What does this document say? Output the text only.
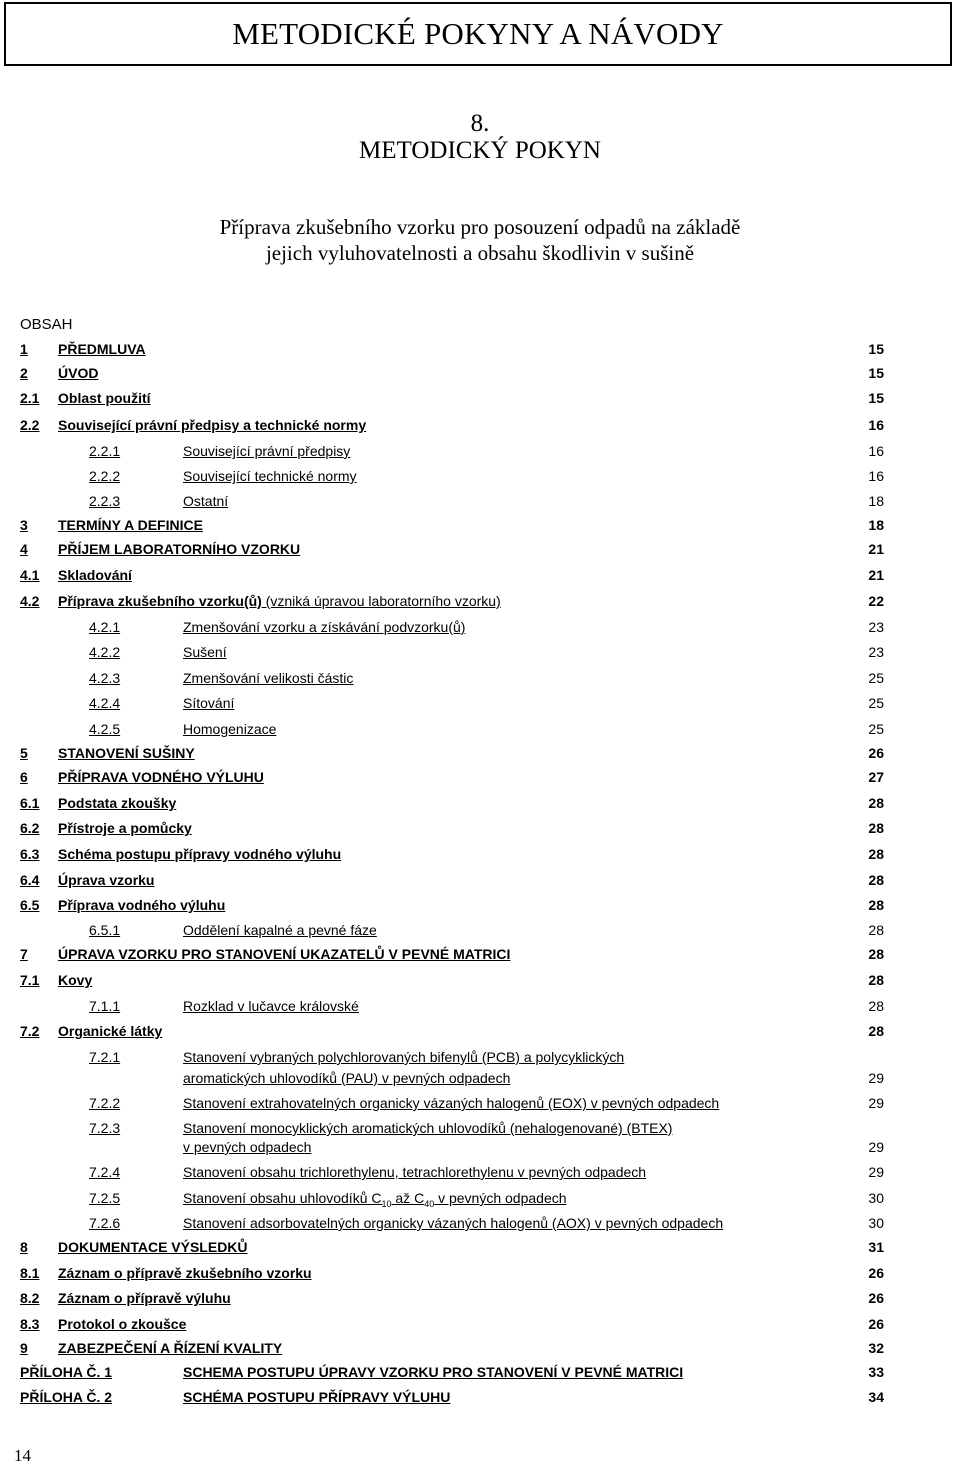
METODICKÉ POKYNY A NÁVODY
8.
METODICKÝ POKYN
Příprava zkušebního vzorku pro posouzení odpadů na základě
jejich vyluhovatelnosti a obsahu škodlivin v sušině
OBSAH
1 PŘEDMLUVA	15
2 ÚVOD	15
2.1 Oblast použití	15
2.2 Související právní předpisy a technické normy	16
2.2.1	Související právní předpisy	16
2.2.2	Související technické normy	16
2.2.3	Ostatní	18
3 TERMÍNY A DEFINICE	18
4 PŘÍJEM LABORATORNÍHO VZORKU	21
4.1 Skladování	21
4.2 Příprava zkušebního vzorku(ů) (vzniká úpravou laboratorního vzorku)	22
4.2.1	Zmenšování vzorku a získávání podvzorku(ů)	23
4.2.2	Sušení	23
4.2.3	Zmenšování velikosti částic	25
4.2.4	Sítování	25
4.2.5	Homogenizace	25
5 STANOVENÍ SUŠINY	26
6 PŘÍPRAVA VODNÉHO VÝLUHU	27
6.1 Podstata zkoušky	28
6.2 Přístroje a pomůcky	28
6.3 Schéma postupu přípravy vodného výluhu	28
6.4 Úprava vzorku	28
6.5 Příprava vodného výluhu	28
6.5.1	Oddělení kapalné a pevné fáze	28
7 ÚPRAVA VZORKU PRO STANOVENÍ UKAZATELŮ V PEVNÉ MATRICI	28
7.1 Kovy	28
7.1.1	Rozklad v lučavce královské	28
7.2 Organické látky	28
7.2.1	Stanovení vybraných polychlorovaných bifenylů (PCB) a polycyklických
aromatických uhlovodíků (PAU) v pevných odpadech	29
7.2.2	Stanovení extrahovatelných organicky vázaných halogenů (EOX) v pevných odpadech	29
7.2.3	Stanovení monocyklických aromatických uhlovodíků (nehalogenované) (BTEX)
v pevných odpadech	29
7.2.4	Stanovení obsahu trichlorethylenu, tetrachlorethylenu v pevných odpadech	29
7.2.5	Stanovení obsahu uhlovodíků $C_{10}$ až $C_{40}$ v pevných odpadech	30
7.2.6	Stanovení adsorbovatelných organicky vázaných halogenů (AOX) v pevných odpadech	30
8 DOKUMENTACE VÝSLEDKŮ	31
8.1 Záznam o přípravě zkušebního vzorku	26
8.2 Záznam o přípravě výluhu	26
8.3 Protokol o zkoušce	26
9 ZABEZPEČENÍ A ŘÍZENÍ KVALITY	32
PŘÍLOHA Č. 1	SCHEMA POSTUPU ÚPRAVY VZORKU PRO STANOVENÍ V PEVNÉ MATRICI	33
PŘÍLOHA Č. 2	SCHÉMA POSTUPU PŘÍPRAVY VÝLUHU	34
14
